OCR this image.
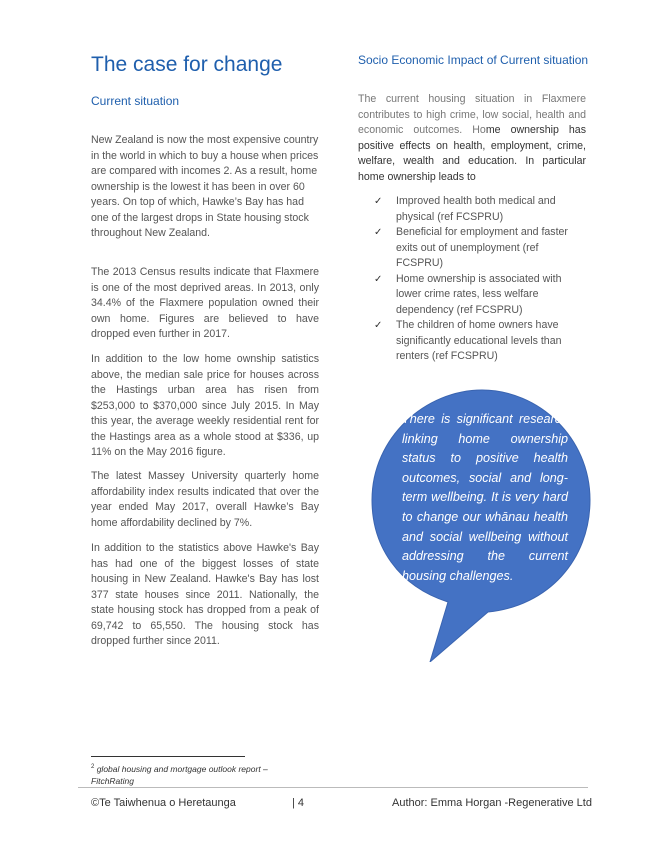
The case for change
Current situation

New Zealand is now the most expensive country in the world in which to buy a house when prices are compared with incomes 2. As a result, home ownership is the lowest it has been in over 60 years. On top of which, Hawke’s Bay has had one of the largest drops in State housing stock throughout New Zealand.

The 2013 Census results indicate that Flaxmere is one of the most deprived areas. In 2013, only 34.4% of the Flaxmere population owned their own home. Figures are believed to have dropped even further in 2017.

In addition to the low home ownship satistics above, the median sale price for houses across the Hastings urban area has risen from $253,000 to $370,000 since July 2015. In May this year, the average weekly residential rent for the Hastings area as a whole stood at $336, up 11% on the May 2016 figure.

The latest Massey University quarterly home affordability index results indicated that over the year ended May 2017, overall Hawke’s Bay home affordability declined by 7%.

In addition to the statistics above Hawke's Bay has had one of the biggest losses of state housing in New Zealand. Hawke's Bay has lost 377 state houses since 2011. Nationally, the state housing stock has dropped from a peak of 69,742 to 65,550. The housing stock has dropped further since 2011.

Socio Economic Impact of Current situation

The current housing situation in Flaxmere contributes to high crime, low social, health and economic outcomes. Home ownership has positive effects on health, employment, crime, welfare, wealth and education. In particular home ownership leads to

✓ Improved health both medical and physical (ref FCSPRU)
✓ Beneficial for employment and faster exits out of unemployment (ref FCSPRU)
✓ Home ownership is associated with lower crime rates, less welfare dependency (ref FCSPRU)
✓ The children of home owners have significantly educational levels than renters (ref FCSPRU)

There is significant research linking home ownership status to positive health outcomes, social and long-term wellbeing. It is very hard to change our whānau health and social wellbeing without addressing the current housing challenges.

$^2$ global housing and mortgage outlook report – FitchRating

©Te Taiwhenua o Heretaunga	| 4	Author: Emma Horgan -Regenerative Ltd
